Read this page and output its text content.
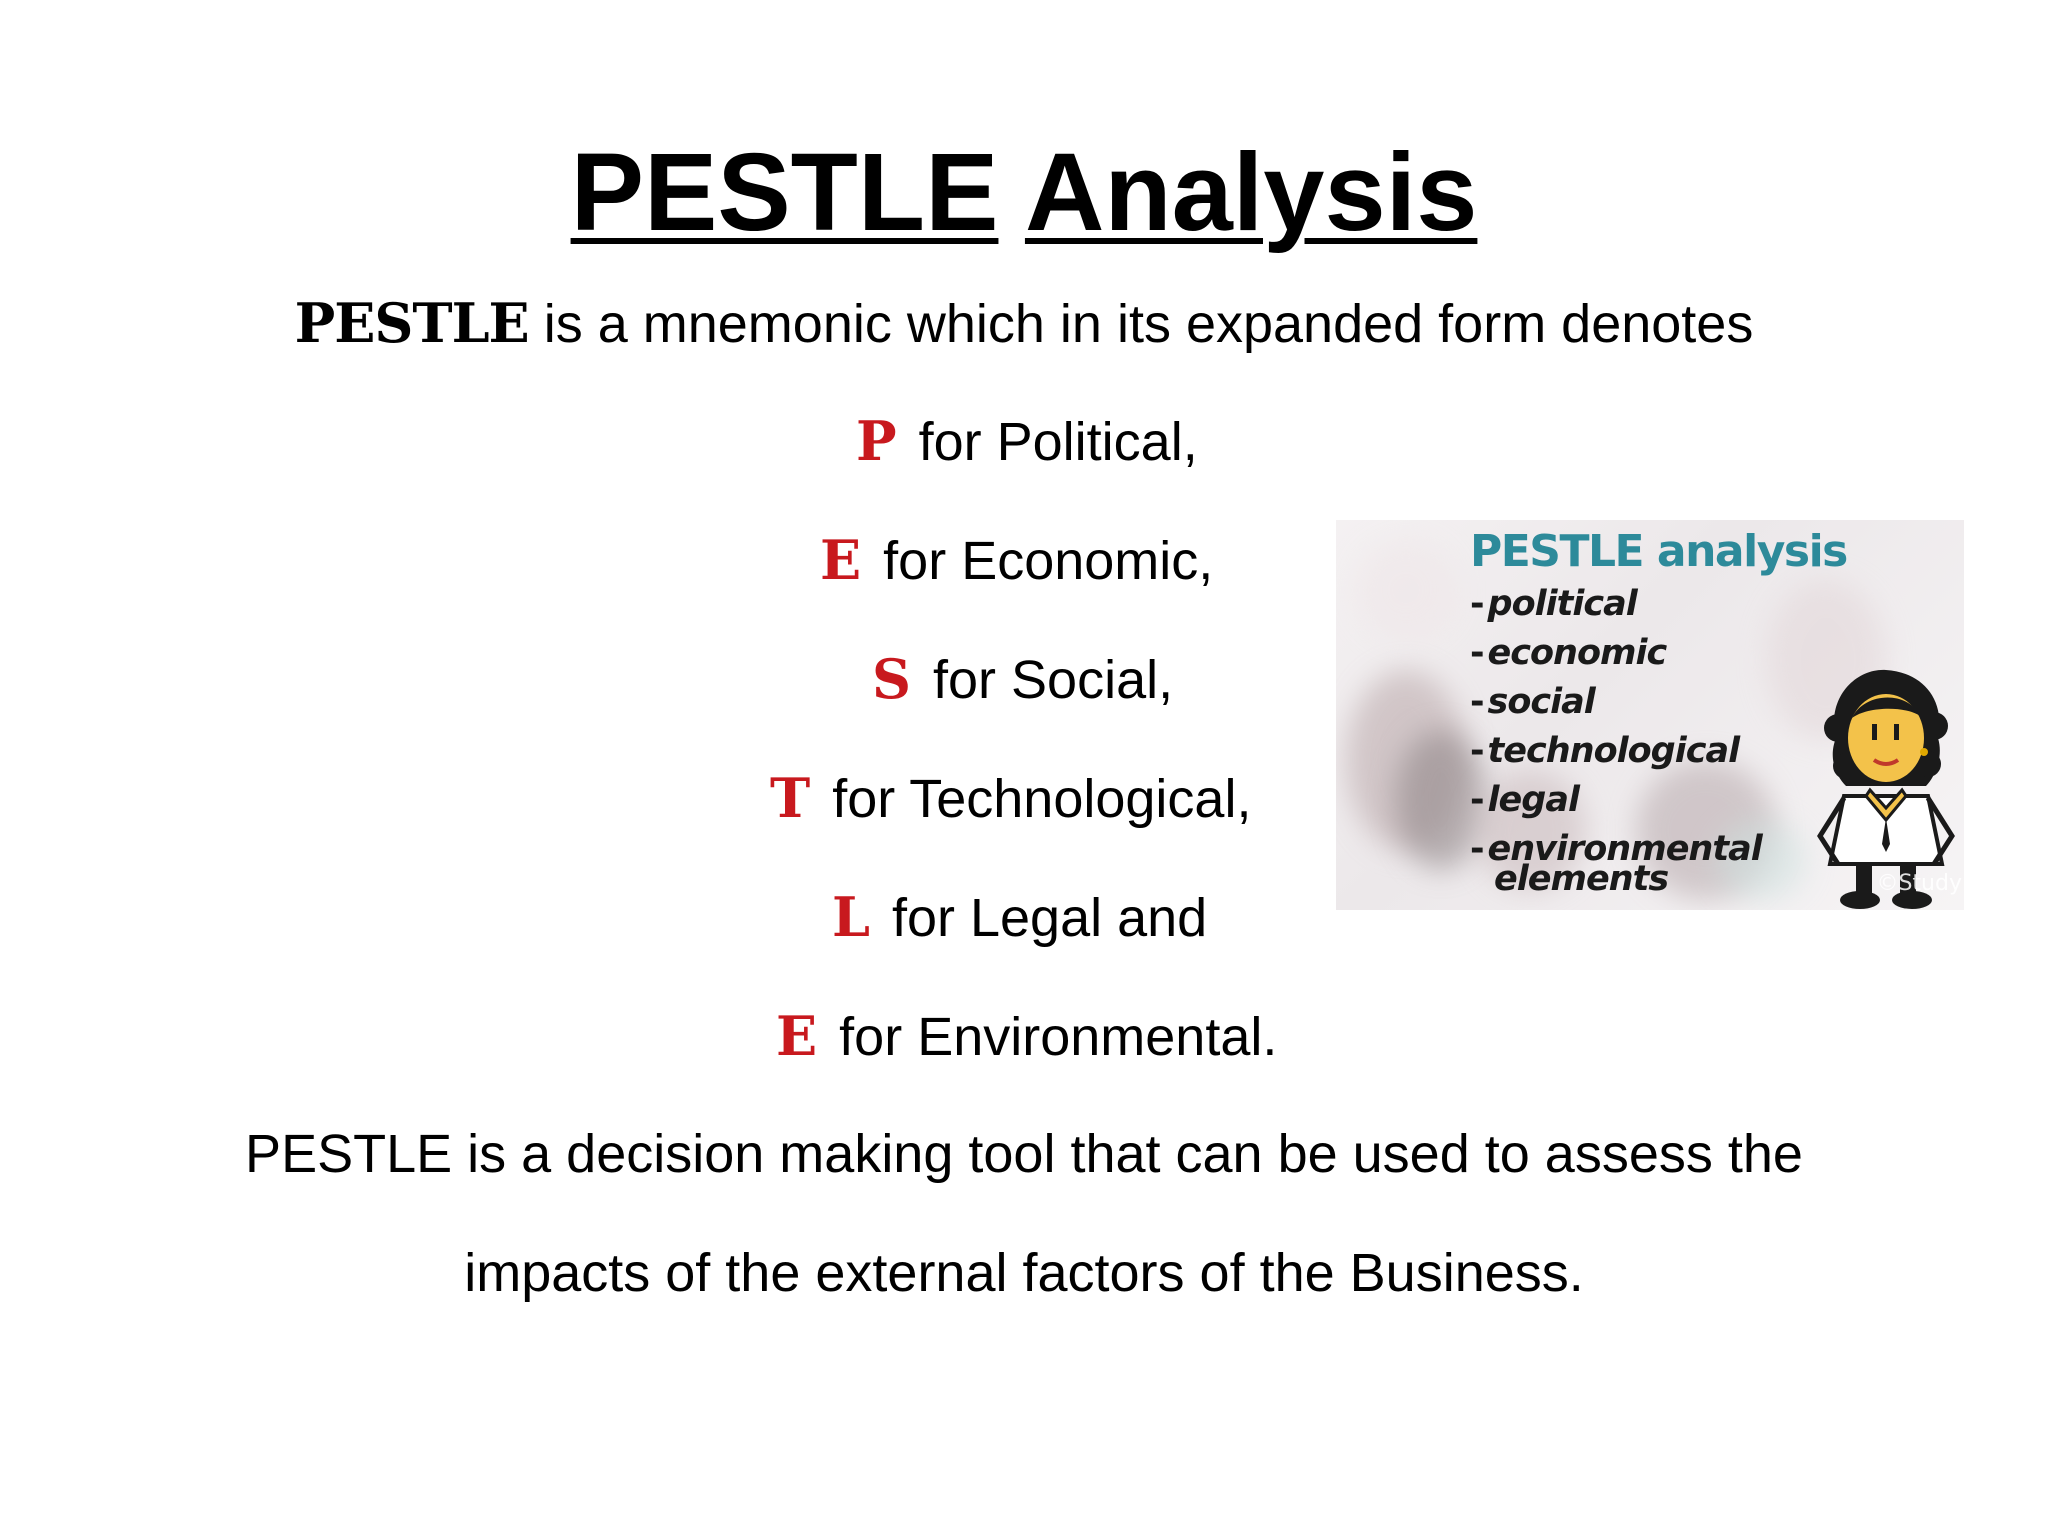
PESTLE Analysis
PESTLE is a mnemonic which in its expanded form denotes
P for Political,
E for Economic,
S for Social,
T for Technological,
L for Legal and
E for Environmental.
PESTLE is a decision making tool that can be used to assess the
impacts of the external factors of the Business.
PESTLE analysis
- political
- economic
- social
- technological
- legal
- environmental
elements	©Study
